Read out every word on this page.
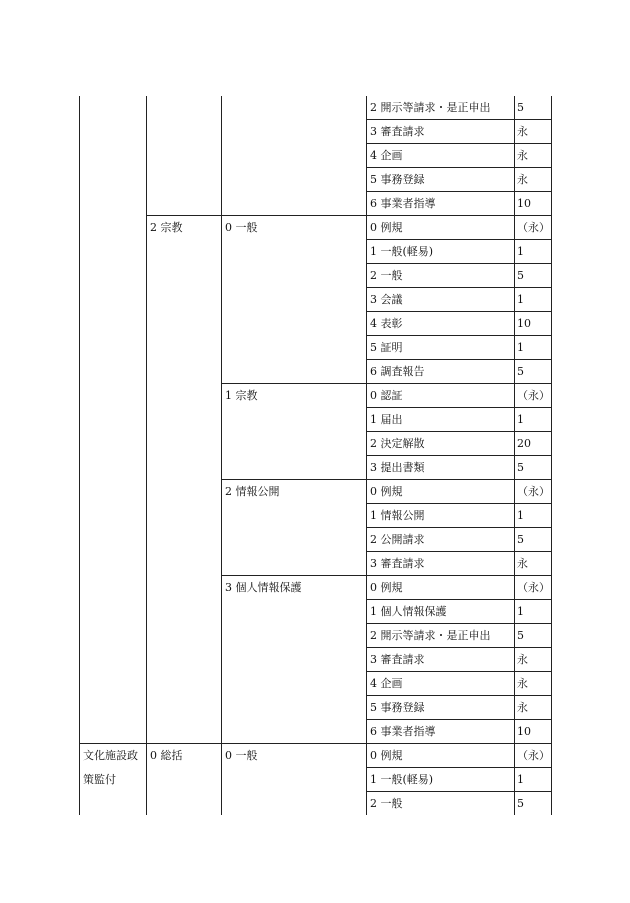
			2 開示等請求・是正申出	5
			3 審査請求	永
			4 企画	永
			5 事務登録	永
			6 事業者指導	10
	2 宗教	0 一般	0 例規	（永）
			1 一般(軽易)	1
			2 一般	5
			3 会議	1
			4 表彰	10
			5 証明	1
			6 調査報告	5
		1 宗教	0 認証	（永）
			1 届出	1
			2 決定解散	20
			3 提出書類	5
		2 情報公開	0 例規	（永）
			1 情報公開	1
			2 公開請求	5
			3 審査請求	永
		3 個人情報保護	0 例規	（永）
			1 個人情報保護	1
			2 開示等請求・是正申出	5
			3 審査請求	永
			4 企画	永
			5 事務登録	永
			6 事業者指導	10
文化施設政策監付	0 総括	0 一般	0 例規	（永）
			1 一般(軽易)	1
			2 一般	5
